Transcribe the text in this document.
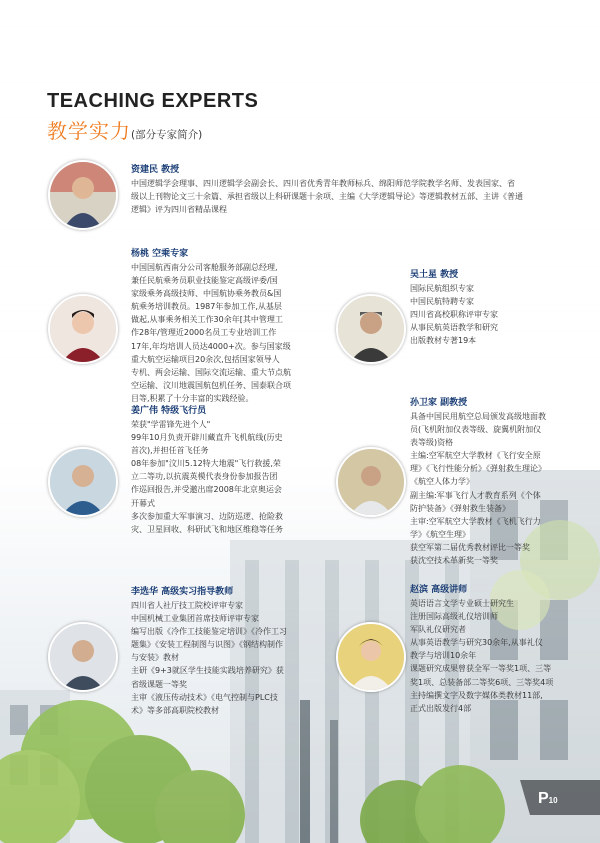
TEACHING EXPERTS
教学实力(部分专家简介)
资建民 教授
中国逻辑学会理事、四川逻辑学会副会长、四川省优秀青年教师标兵、绵阳师范学院教学名师、发表国家、省
级以上刊物论文三十余篇、承担省级以上科研课题十余项、主编《大学逻辑导论》等逻辑教材五部、主讲《普通
逻辑》评为四川省精品课程
杨桃 空乘专家
中国国航西南分公司客舱服务部副总经理,
兼任民航乘务员职业技能鉴定高级评委/国
家级乘务高级技师、中国航协乘务教员&国
航乘务培训教员。1987年参加工作,从基层
做起,从事乘务相关工作30余年[其中管理工
作28年/管理近2000名员工专业培训工作
17年,年均培训人员达4000+次。参与国家级
重大航空运输项目20余次,包括国家领导人
专机、两会运输、国际交流运输、重大节点航
空运输、汶川地震国航包机任务、国泰联合项
目等,积累了十分丰富的实践经验。
吴土星 教授
国际民航组织专家
中国民航特聘专家
四川省高校职称评审专家
从事民航英语教学和研究
出版教材专著19本
姜广伟 特级飞行员
荣获"学雷锋先进个人"
99年10月负责开辟川藏直升飞机航线(历史
首次),并担任首飞任务
08年参加"汶川5.12特大地震"飞行救援,荣
立二等功,以抗震英模代表身份参加报告团
作巡回报告,并受邀出席2008年北京奥运会
开幕式
多次参加重大军事演习、边防巡逻、抢险救
灾、卫星回收、科研试飞和地区维稳等任务
孙卫家 副教授
具备中国民用航空总局颁发高级地面教
员(飞机附加仪表等级、旋翼机附加仪
表等级)资格
主编:空军航空大学教材《飞行安全原
理》《飞行性能分析》《弹射救生理论》
《航空人体力学》
副主编:军事飞行人才教育系列《个体
防护装备》《弹射救生装备》
主审:空军航空大学教材《飞机飞行力
学》《航空生理》
获空军第二届优秀教材评比一等奖
获沈空技术革新奖一等奖
李选华 高级实习指导教师
四川省人社厅技工院校评审专家
中国机械工业集团首席技师评审专家
编写出版《冷作工技能鉴定培训》《冷作工习
题集》《安装工程制图与识图》《钢结构制作
与安装》教材
主研《9+3就区学生技能实践培养研究》获
省级课题一等奖
主审《液压传动技术》《电气控制与PLC技
术》等多部高职院校教材
赵滨 高级讲师
英语语言文学专业硕士研究生
注册国际高级礼仪培训师
军队礼仪研究者
从事英语教学与研究30余年,从事礼仪
教学与培训10余年
课题研究成果曾获全军一等奖1项、三等
奖1项、总装备部二等奖6项、三等奖4项
主持编撰文字及数字媒体类教材11部,
正式出版发行4部
P10
